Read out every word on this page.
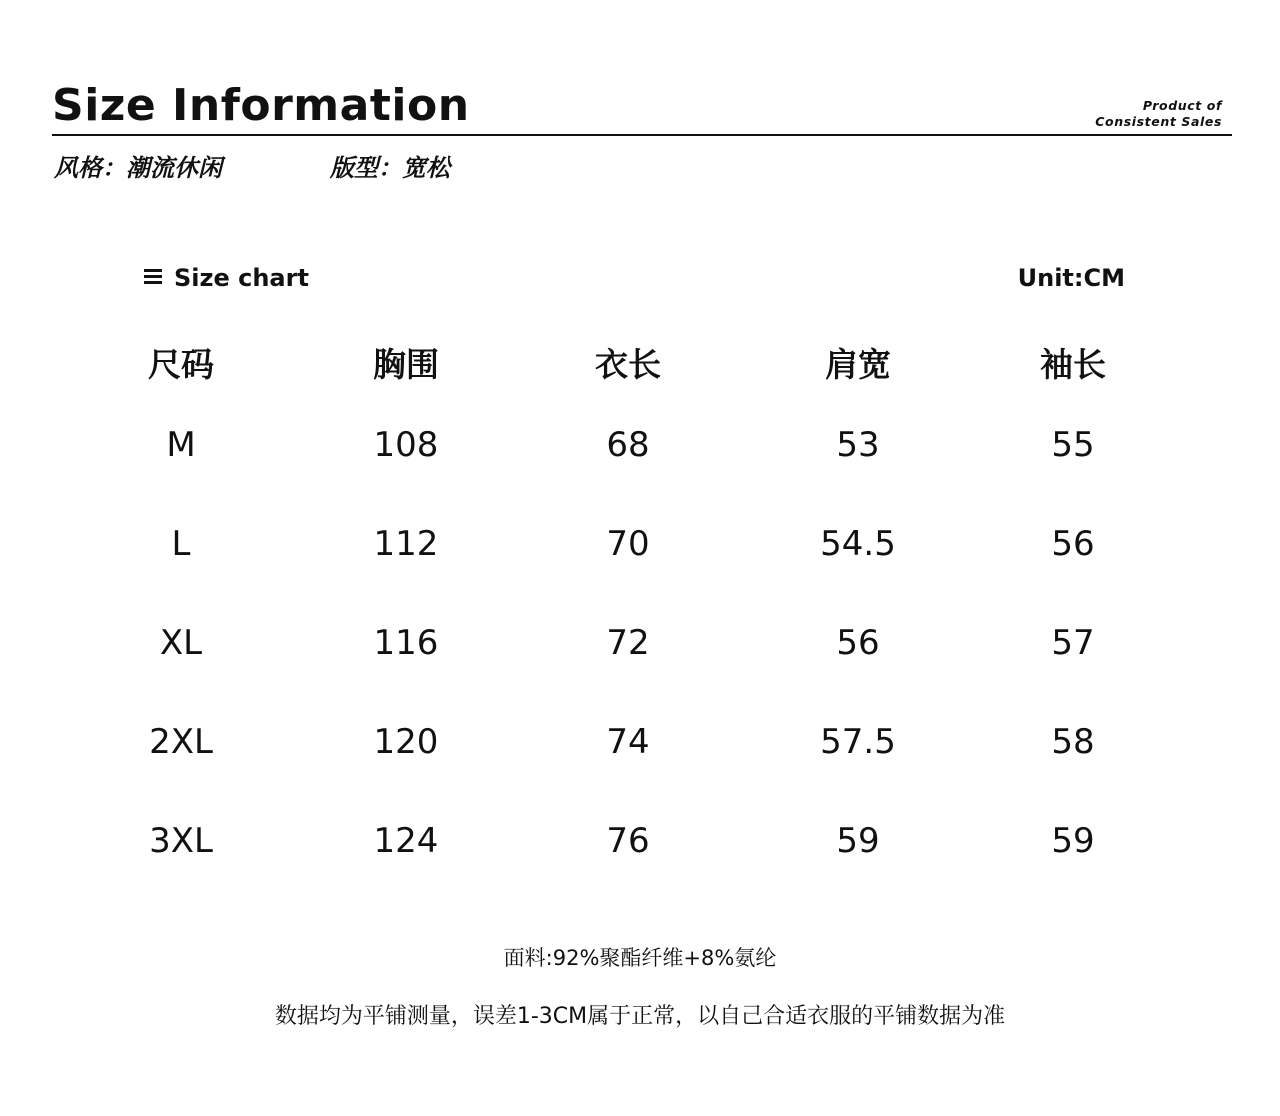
Size Information	Product of
Consistent Sales
风格：潮流休闲	版型：宽松
Size chart	Unit:CM
尺码	胸围	衣长	肩宽	袖长
M	108	68	53	55
L	112	70	54.5	56
XL	116	72	56	57
2XL	120	74	57.5	58
3XL	124	76	59	59
面料:92%聚酯纤维+8%氨纶
数据均为平铺测量，误差1-3CM属于正常，以自己合适衣服的平铺数据为准
